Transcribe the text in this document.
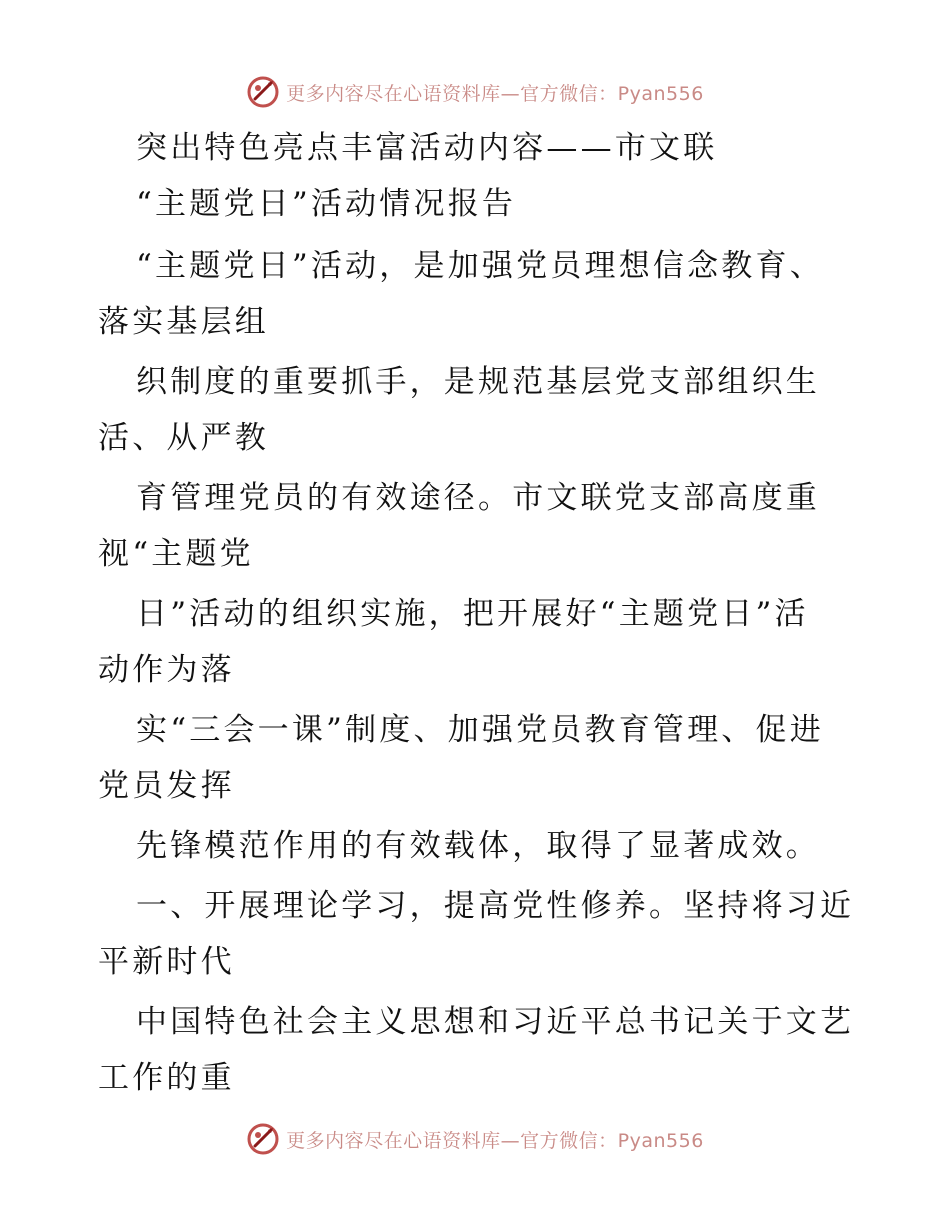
更多内容尽在心语资料库—官方微信：Pyan556
突出特色亮点丰富活动内容——市文联
“主题党日”活动情况报告
“主题党日”活动，是加强党员理想信念教育、
落实基层组
织制度的重要抓手，是规范基层党支部组织生
活、从严教
育管理党员的有效途径。市文联党支部高度重
视“主题党
日”活动的组织实施，把开展好“主题党日”活
动作为落
实“三会一课”制度、加强党员教育管理、促进
党员发挥
先锋模范作用的有效载体，取得了显著成效。
一、开展理论学习，提高党性修养。坚持将习近
平新时代
中国特色社会主义思想和习近平总书记关于文艺
工作的重
更多内容尽在心语资料库—官方微信：Pyan556
